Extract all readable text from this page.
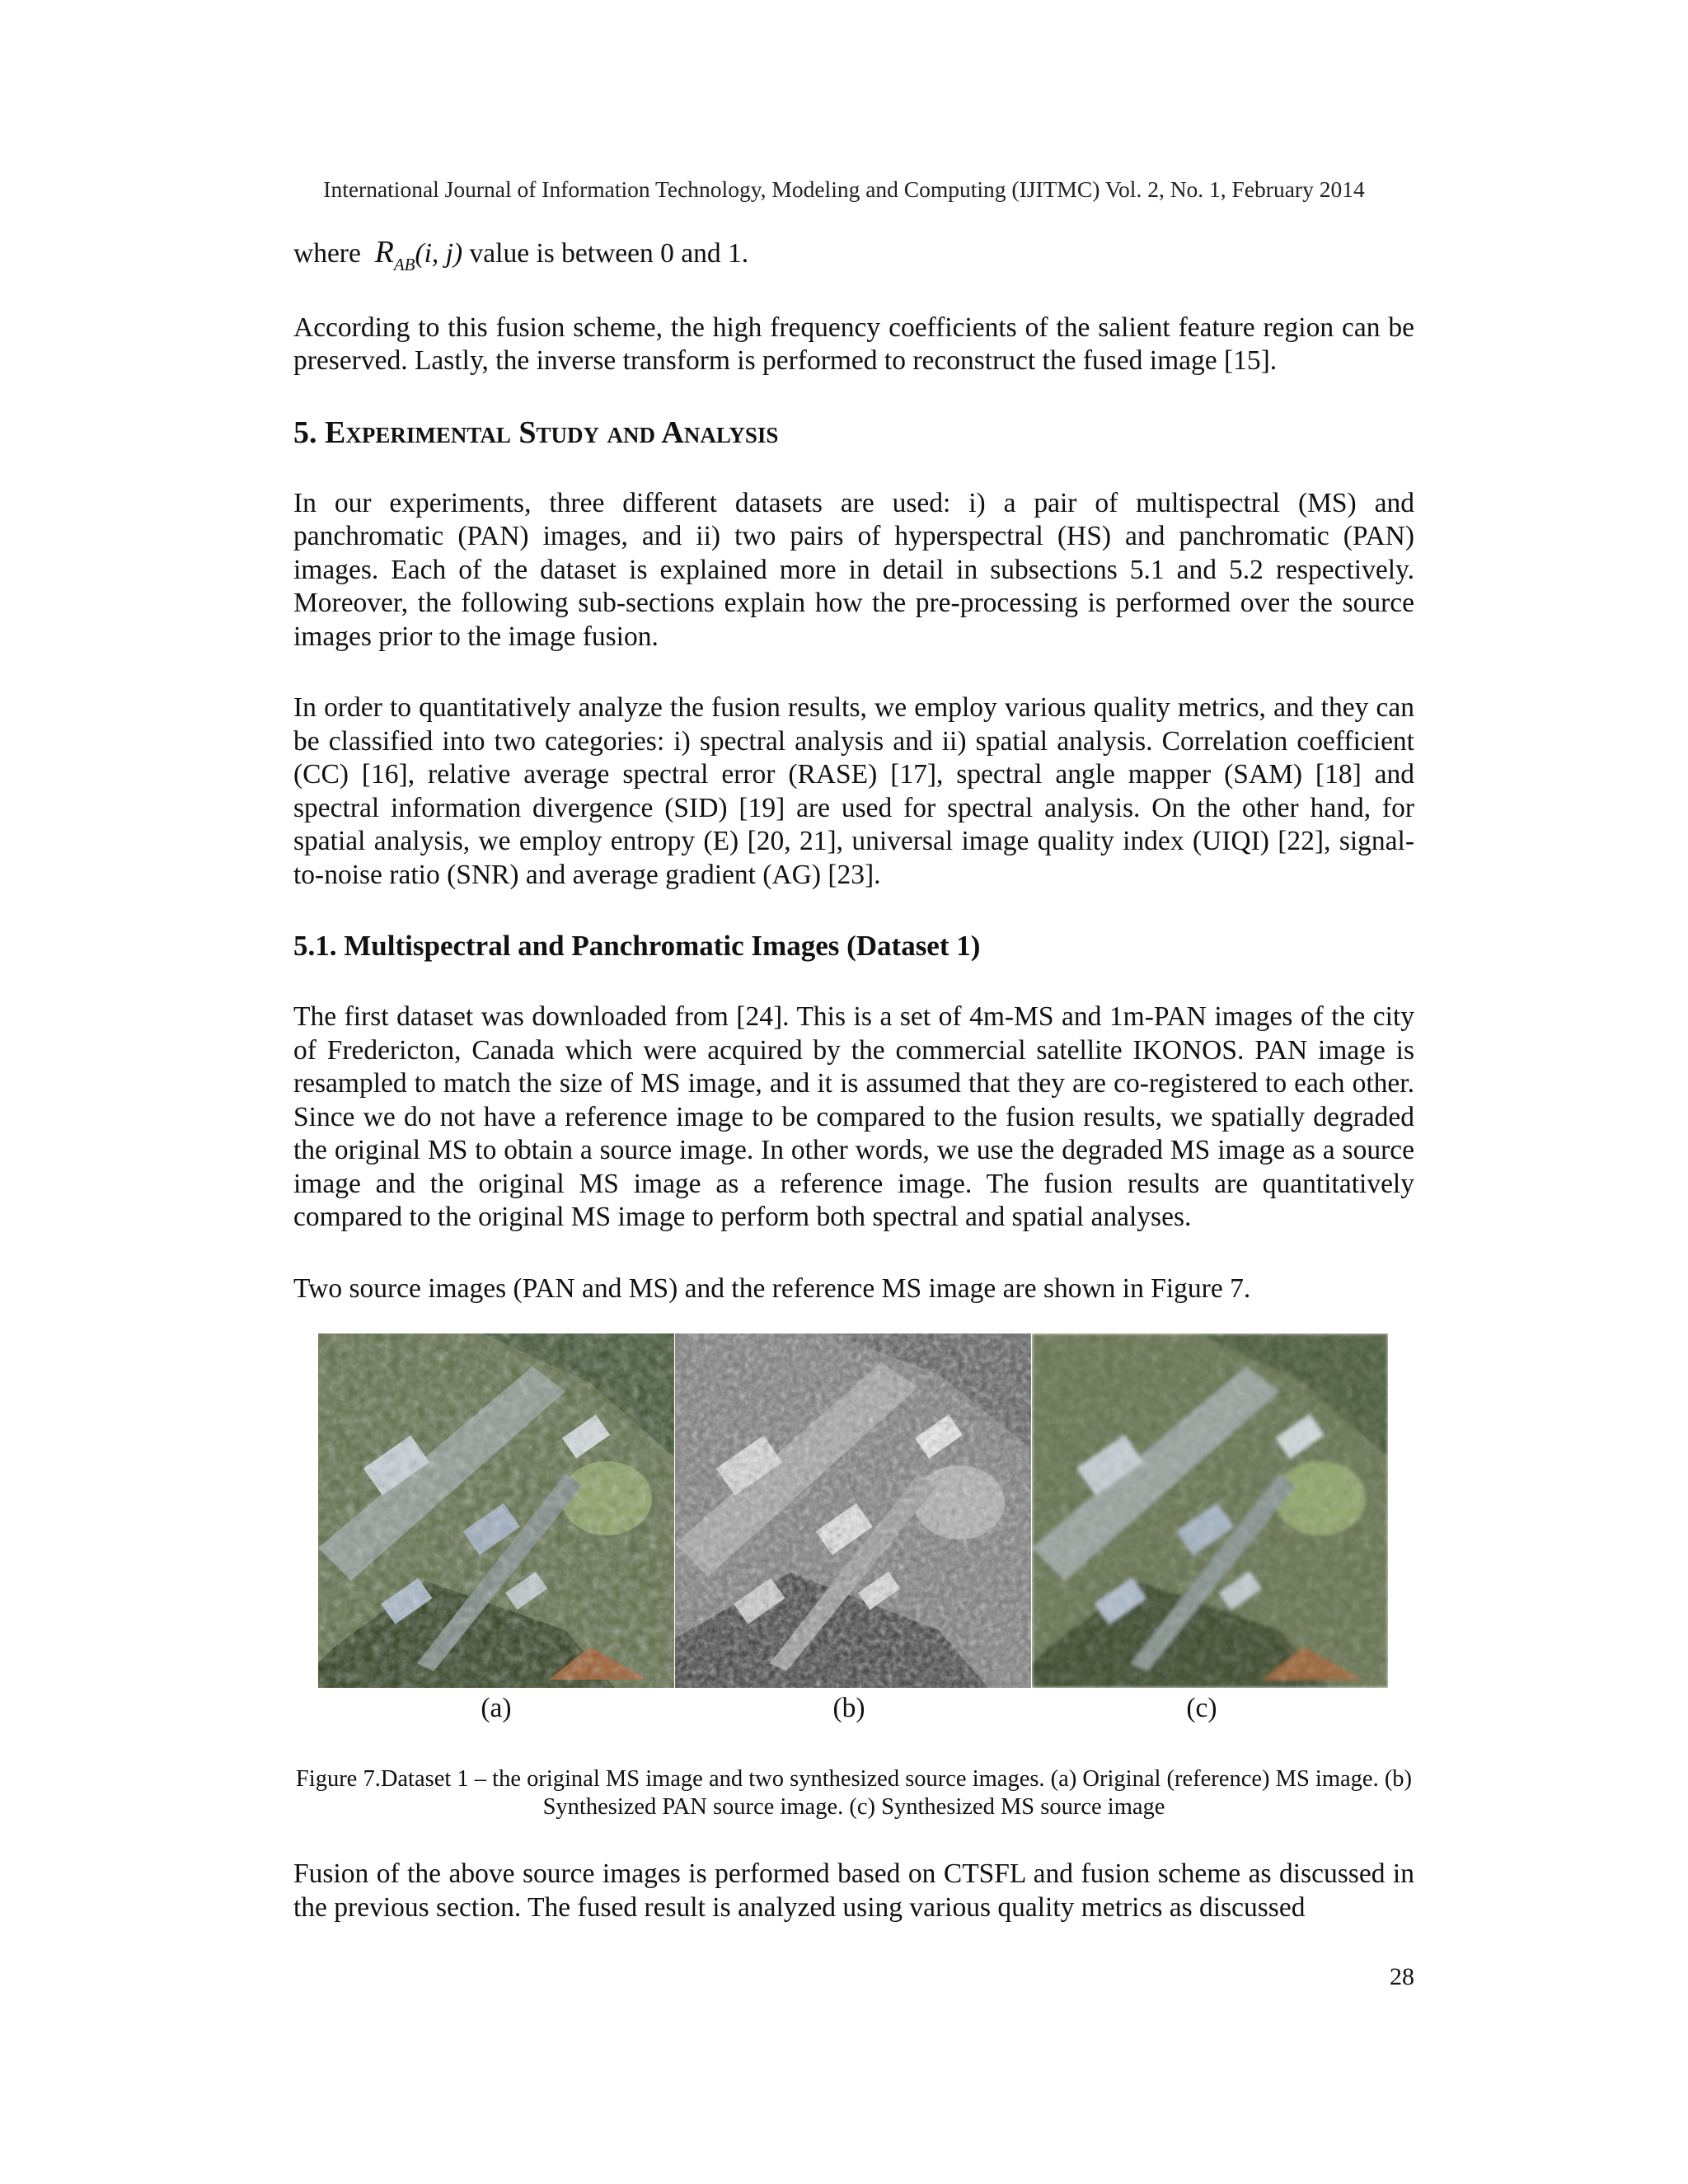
International Journal of Information Technology, Modeling and Computing (IJITMC) Vol. 2, No. 1, February 2014

where $R_{AB}(i$, j) value is between 0 and 1.

According to this fusion scheme, the high frequency coefficients of the salient feature region can be preserved. Lastly, the inverse transform is performed to reconstruct the fused image [15].

5. Experimental Study and Analysis

In our experiments, three different datasets are used: i) a pair of multispectral (MS) and panchromatic (PAN) images, and ii) two pairs of hyperspectral (HS) and panchromatic (PAN) images. Each of the dataset is explained more in detail in subsections 5.1 and 5.2 respectively. Moreover, the following sub-sections explain how the pre-processing is performed over the source images prior to the image fusion.

In order to quantitatively analyze the fusion results, we employ various quality metrics, and they can be classified into two categories: i) spectral analysis and ii) spatial analysis. Correlation coefficient (CC) [16], relative average spectral error (RASE) [17], spectral angle mapper (SAM) [18] and spectral information divergence (SID) [19] are used for spectral analysis. On the other hand, for spatial analysis, we employ entropy (E) [20, 21], universal image quality index (UIQI) [22], signal-to-noise ratio (SNR) and average gradient (AG) [23].

5.1. Multispectral and Panchromatic Images (Dataset 1)

The first dataset was downloaded from [24]. This is a set of 4m-MS and 1m-PAN images of the city of Fredericton, Canada which were acquired by the commercial satellite IKONOS. PAN image is resampled to match the size of MS image, and it is assumed that they are co-registered to each other. Since we do not have a reference image to be compared to the fusion results, we spatially degraded the original MS to obtain a source image. In other words, we use the degraded MS image as a source image and the original MS image as a reference image. The fusion results are quantitatively compared to the original MS image to perform both spectral and spatial analyses.

Two source images (PAN and MS) and the reference MS image are shown in Figure 7.

(a)	(b)	(c)
Figure 7.Dataset 1 – the original MS image and two synthesized source images. (a) Original (reference) MS image. (b) Synthesized PAN source image. (c) Synthesized MS source image

Fusion of the above source images is performed based on CTSFL and fusion scheme as discussed in the previous section. The fused result is analyzed using various quality metrics as discussed

28
